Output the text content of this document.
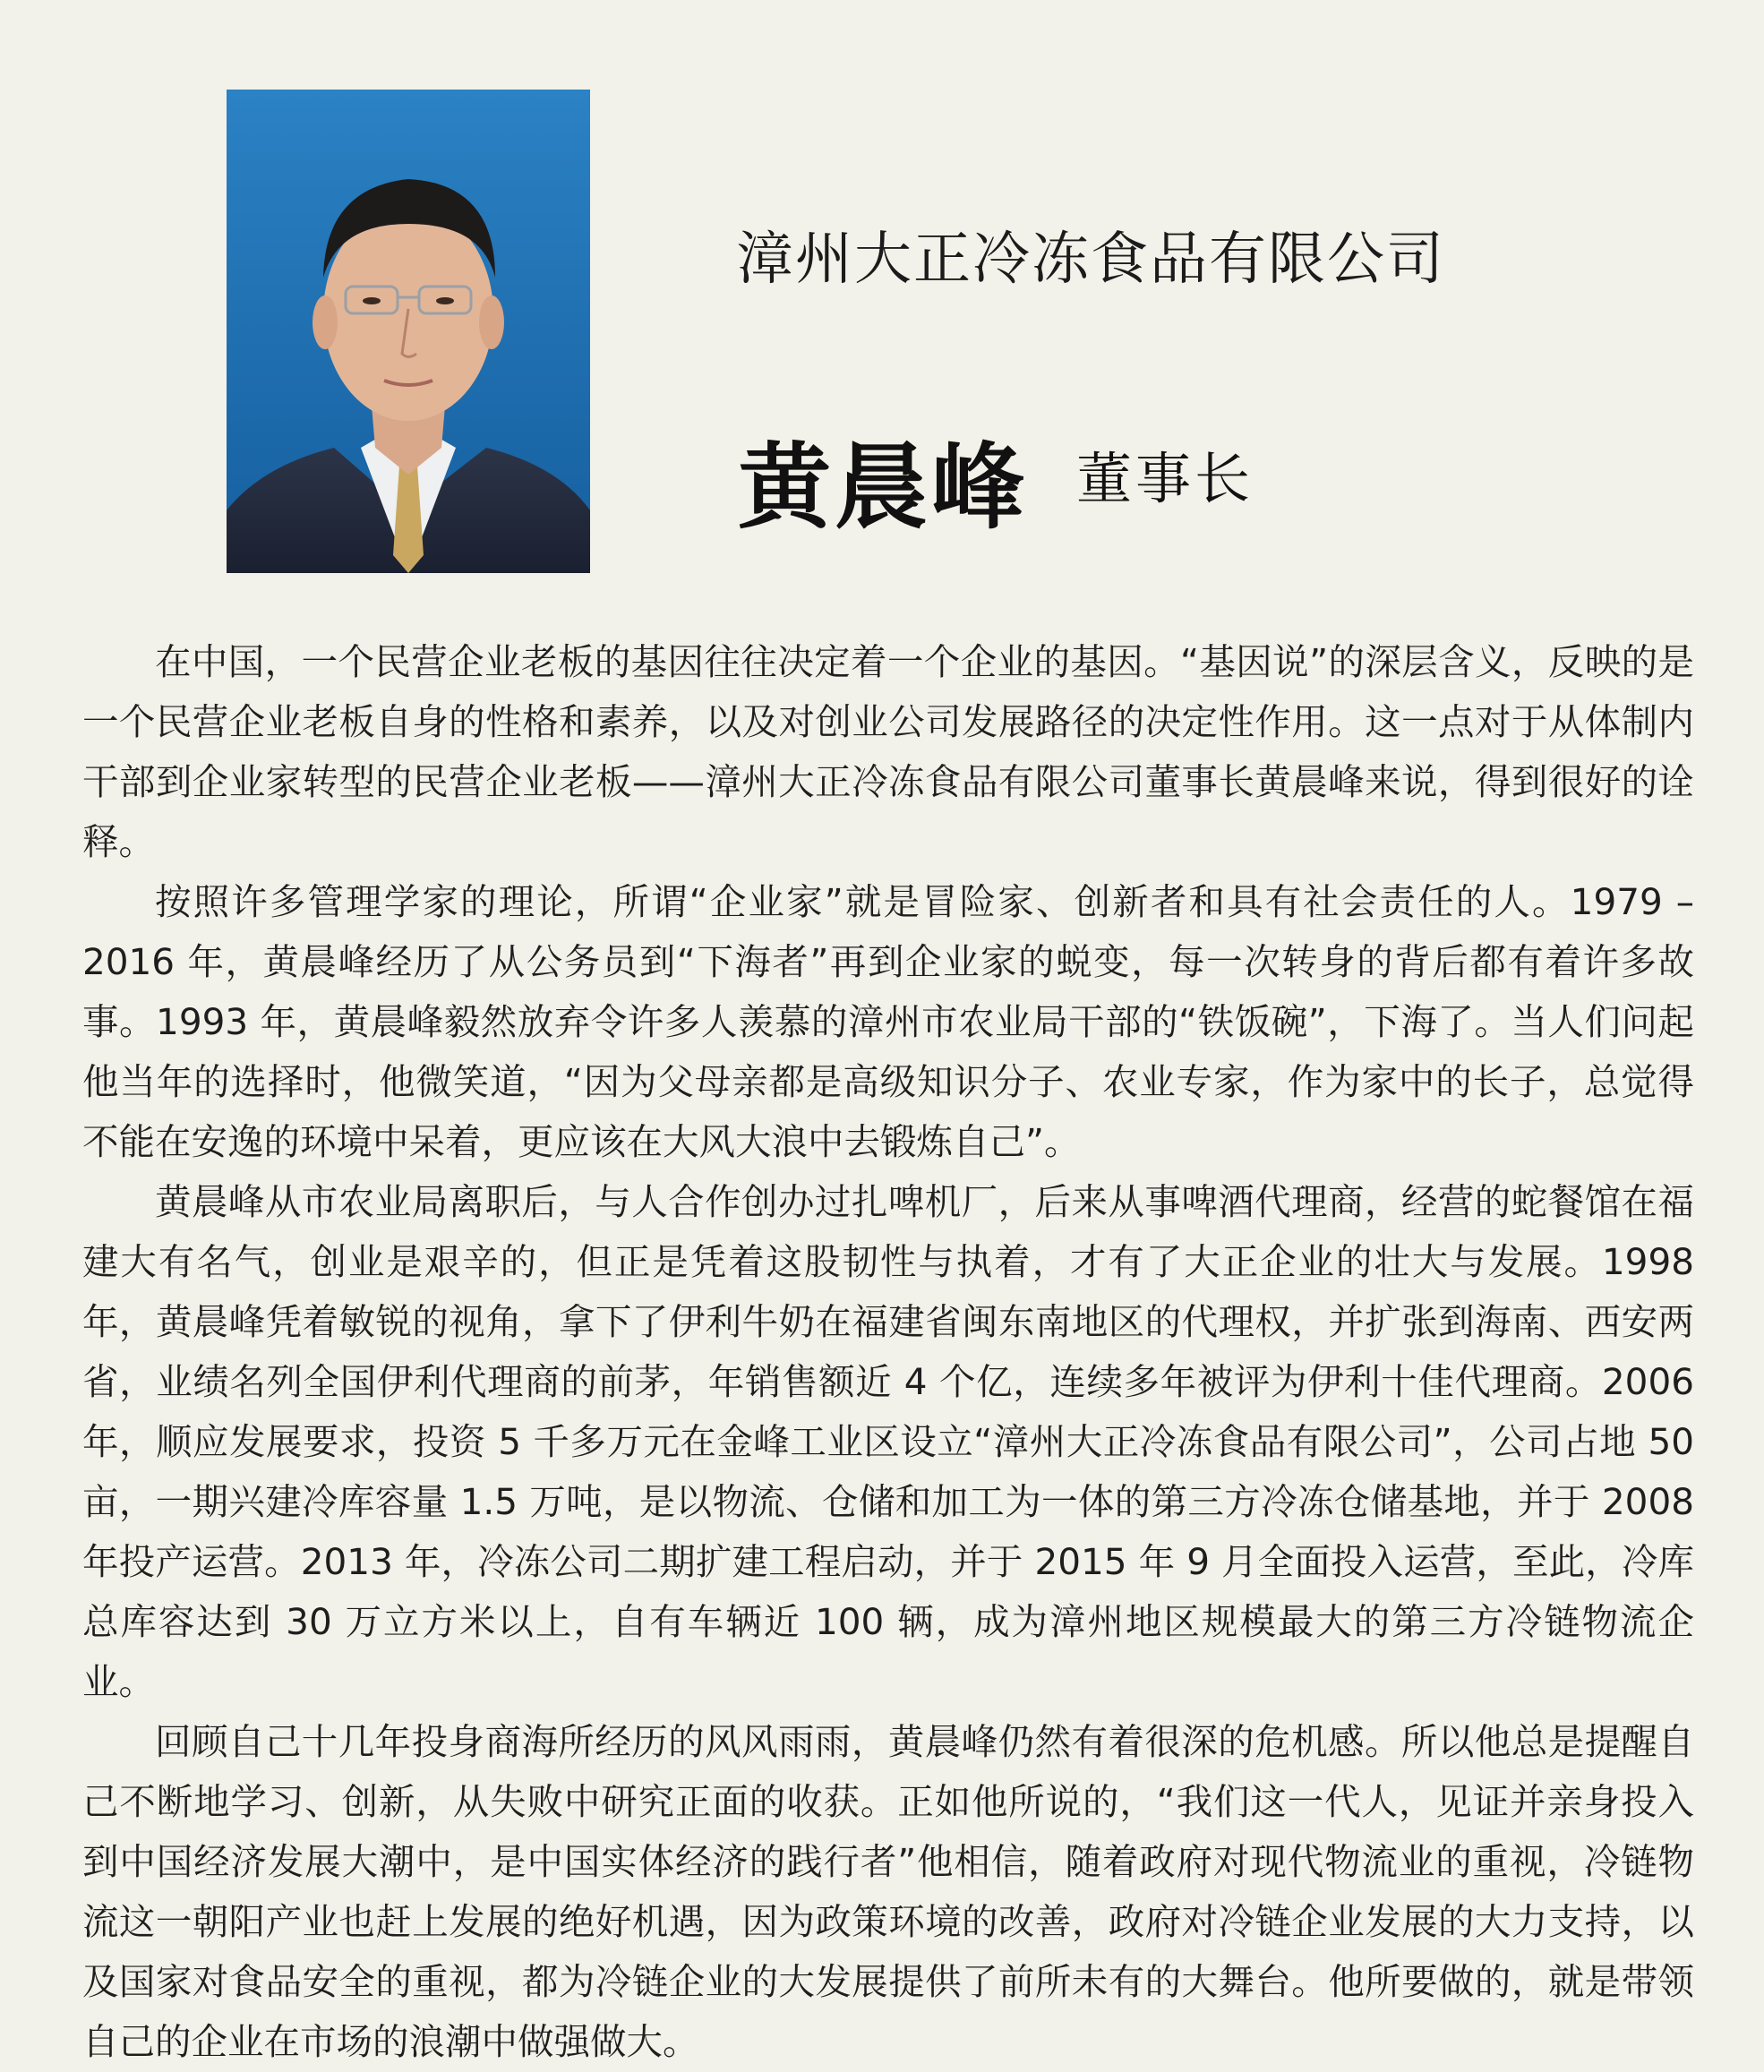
漳州大正冷冻食品有限公司
黄晨峰 董事长

在中国，一个民营企业老板的基因往往决定着一个企业的基因。“基因说”的深层含义，反映的是一个民营企业老板自身的性格和素养，以及对创业公司发展路径的决定性作用。这一点对于从体制内干部到企业家转型的民营企业老板——漳州大正冷冻食品有限公司董事长黄晨峰来说，得到很好的诠释。

按照许多管理学家的理论，所谓“企业家”就是冒险家、创新者和具有社会责任的人。1979 – 2016 年，黄晨峰经历了从公务员到“下海者”再到企业家的蜕变，每一次转身的背后都有着许多故事。1993 年，黄晨峰毅然放弃令许多人羡慕的漳州市农业局干部的“铁饭碗”，下海了。当人们问起他当年的选择时，他微笑道，“因为父母亲都是高级知识分子、农业专家，作为家中的长子，总觉得不能在安逸的环境中呆着，更应该在大风大浪中去锻炼自己”。

黄晨峰从市农业局离职后，与人合作创办过扎啤机厂，后来从事啤酒代理商，经营的蛇餐馆在福建大有名气，创业是艰辛的，但正是凭着这股韧性与执着，才有了大正企业的壮大与发展。1998 年，黄晨峰凭着敏锐的视角，拿下了伊利牛奶在福建省闽东南地区的代理权，并扩张到海南、西安两省，业绩名列全国伊利代理商的前茅，年销售额近 4 个亿，连续多年被评为伊利十佳代理商。2006 年，顺应发展要求，投资 5 千多万元在金峰工业区设立“漳州大正冷冻食品有限公司”，公司占地 50 亩，一期兴建冷库容量 1.5 万吨，是以物流、仓储和加工为一体的第三方冷冻仓储基地，并于 2008 年投产运营。2013 年，冷冻公司二期扩建工程启动，并于 2015 年 9 月全面投入运营，至此，冷库总库容达到 30 万立方米以上，自有车辆近 100 辆，成为漳州地区规模最大的第三方冷链物流企业。

回顾自己十几年投身商海所经历的风风雨雨，黄晨峰仍然有着很深的危机感。所以他总是提醒自己不断地学习、创新，从失败中研究正面的收获。正如他所说的，“我们这一代人，见证并亲身投入到中国经济发展大潮中，是中国实体经济的践行者”他相信，随着政府对现代物流业的重视，冷链物流这一朝阳产业也赶上发展的绝好机遇，因为政策环境的改善，政府对冷链企业发展的大力支持，以及国家对食品安全的重视，都为冷链企业的大发展提供了前所未有的大舞台。他所要做的，就是带领自己的企业在市场的浪潮中做强做大。
